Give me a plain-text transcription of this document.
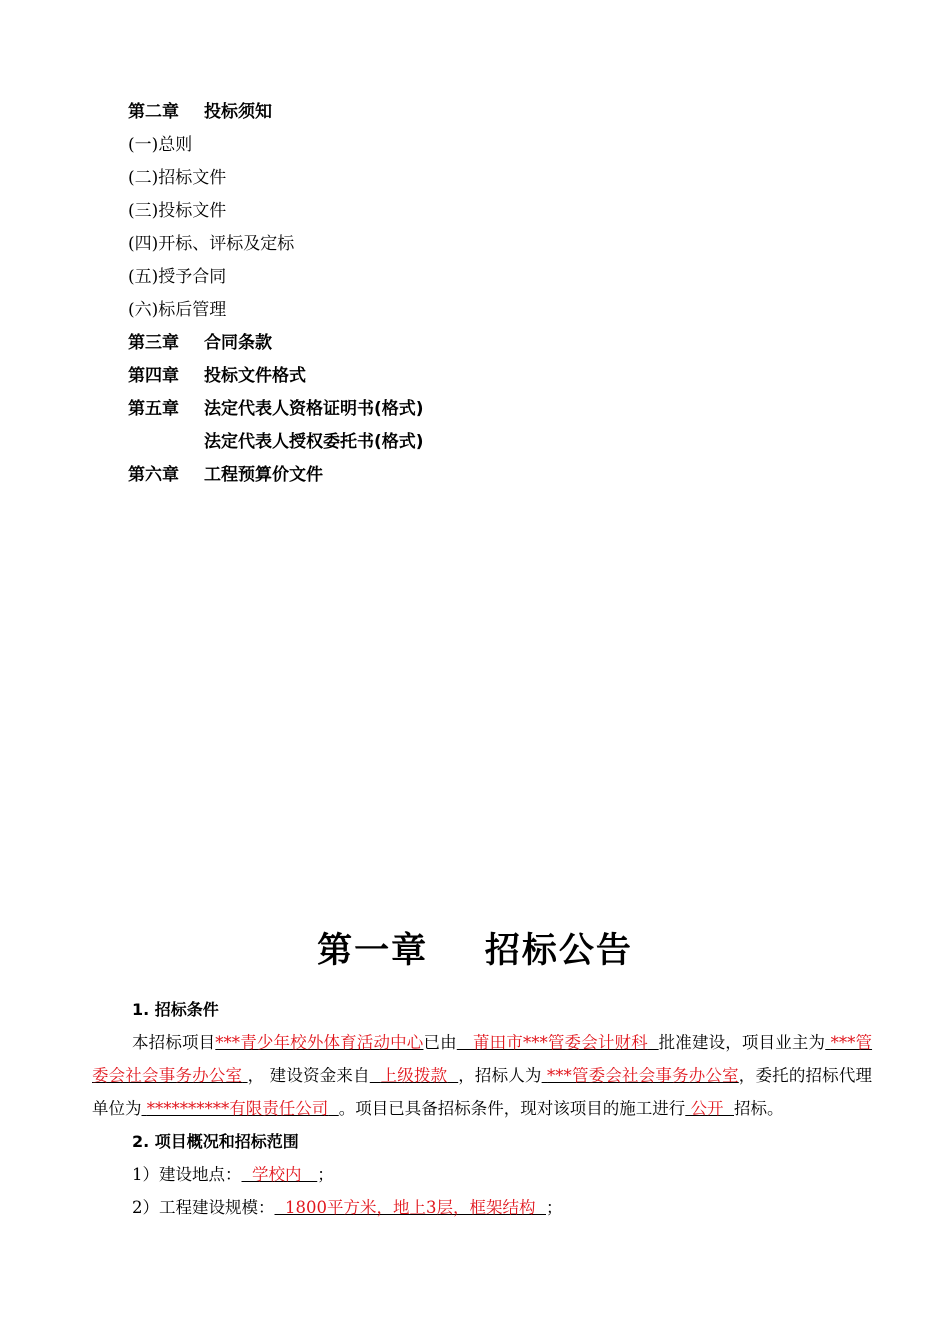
第二章 投标须知
(一)总则
(二)招标文件
(三)投标文件
(四)开标、评标及定标
(五)授予合同
(六)标后管理
第三章 合同条款
第四章 投标文件格式
第五章 法定代表人资格证明书(格式)
法定代表人授权委托书(格式)
第六章 工程预算价文件
第一章    招标公告
1. 招标条件
本招标项目***青少年校外体育活动中心已由 莆田市***管委会计财科 批准建设，项目业主为 ***管委会社会事务办公室 ， 建设资金来自 上级拨款 ，招标人为 ***管委会社会事务办公室，委托的招标代理单位为 **********有限责任公司 。项目已具备招标条件，现对该项目的施工进行 公开 招标。
2. 项目概况和招标范围
1）建设地点： 学校内 ；
2）工程建设规模： 1800平方米，地上3层，框架结构 ；
